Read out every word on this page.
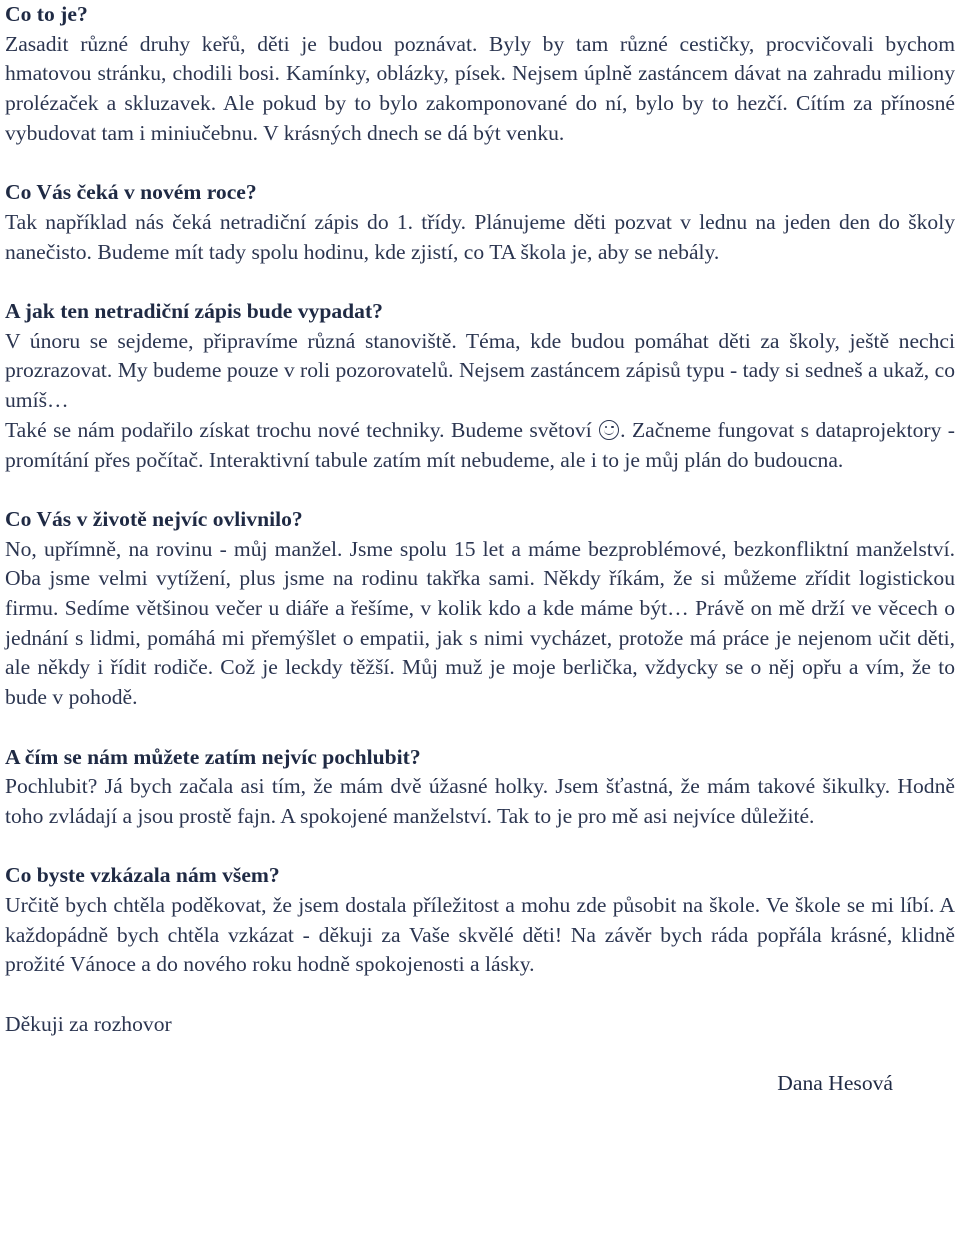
Co to je?

Zasadit různé druhy keřů, děti je budou poznávat. Byly by tam různé cestičky, procvičovali bychom hmatovou stránku, chodili bosi. Kamínky, oblázky, písek. Nejsem úplně zastáncem dávat na zahradu miliony prolézaček a skluzavek. Ale pokud by to bylo zakomponované do ní, bylo by to hezčí. Cítím za přínosné vybudovat tam i miniučebnu. V krásných dnech se dá být venku.

Co Vás čeká v novém roce?

Tak například nás čeká netradiční zápis do 1. třídy. Plánujeme děti pozvat v lednu na jeden den do školy nanečisto. Budeme mít tady spolu hodinu, kde zjistí, co TA škola je, aby se nebály.

A jak ten netradiční zápis bude vypadat?

V únoru se sejdeme, připravíme různá stanoviště. Téma, kde budou pomáhat děti za školy, ještě nechci prozrazovat. My budeme pouze v roli pozorovatelů. Nejsem zastáncem zápisů typu - tady si sedneš a ukaž, co umíš…

Také se nám podařilo získat trochu nové techniky. Budeme světoví
. Začneme fungovat s dataprojektory - promítání přes počítač. Interaktivní tabule zatím mít nebudeme, ale i to je můj plán do budoucna.

Co Vás v životě nejvíc ovlivnilo?

No, upřímně, na rovinu - můj manžel. Jsme spolu 15 let a máme bezproblémové, bezkonfliktní manželství. Oba jsme velmi vytížení, plus jsme na rodinu takřka sami. Někdy říkám, že si můžeme zřídit logistickou firmu. Sedíme většinou večer u diáře a řešíme, v kolik kdo a kde máme být… Právě on mě drží ve věcech o jednání s lidmi, pomáhá mi přemýšlet o empatii, jak s nimi vycházet, protože má práce je nejenom učit děti, ale někdy i řídit rodiče. Což je leckdy těžší. Můj muž je moje berlička, vždycky se o něj opřu a vím, že to bude v pohodě.

A čím se nám můžete zatím nejvíc pochlubit?

Pochlubit? Já bych začala asi tím, že mám dvě úžasné holky. Jsem šťastná, že mám takové šikulky. Hodně toho zvládají a jsou prostě fajn. A spokojené manželství. Tak to je pro mě asi nejvíce důležité.

Co byste vzkázala nám všem?

Určitě bych chtěla poděkovat, že jsem dostala příležitost a mohu zde působit na škole. Ve škole se mi líbí. A každopádně bych chtěla vzkázat - děkuji za Vaše skvělé děti! Na závěr bych ráda popřála krásné, klidně prožité Vánoce a do nového roku hodně spokojenosti a lásky.

Děkuji za rozhovor

Dana Hesová
